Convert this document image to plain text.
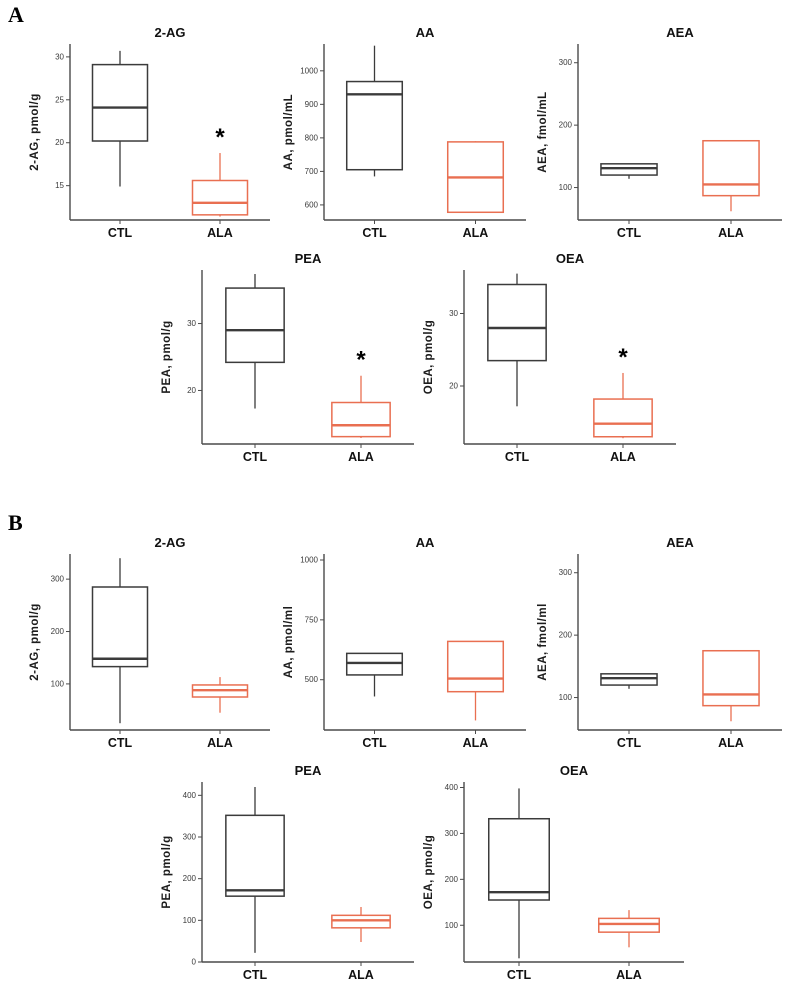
A
B
15
20
25
30
2-AG
2-AG, pmol/g
CTL	ALA
*
600
700
800
900
1000
AA
AA, pmol/mL
CTL	ALA
100
200
300
AEA
AEA, fmol/mL
CTL	ALA
20
30
PEA
PEA, pmol/g
CTL	ALA
*
20
30
OEA
OEA, pmol/g
CTL	ALA
*
100
200
300
2-AG
2-AG, pmol/g
CTL	ALA
500
750
1000
AA
AA, pmol/ml
CTL	ALA
100
200
300
AEA
AEA, fmol/ml
CTL	ALA
0
100
200
300
400
PEA
PEA, pmol/g
CTL	ALA
100
200
300
400
OEA
OEA, pmol/g
CTL	ALA
